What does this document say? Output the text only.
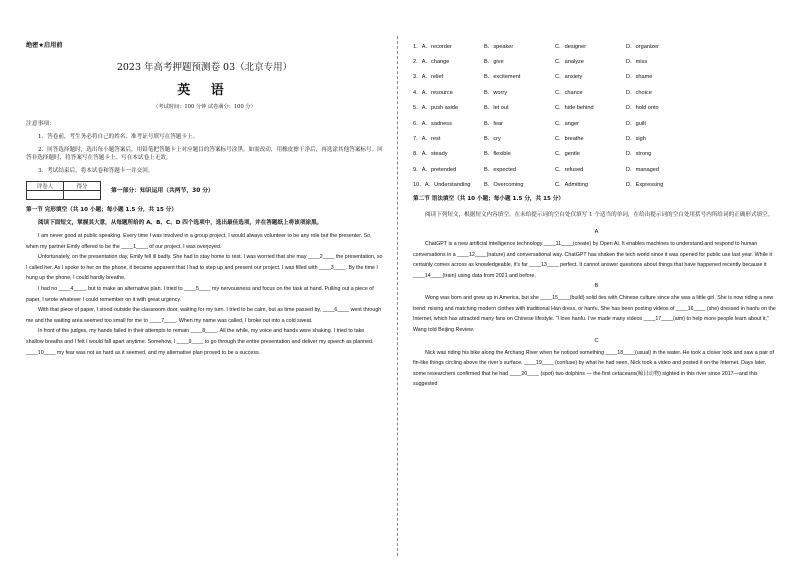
绝密★启用前
2023 年高考押题预测卷 03（北京专用）
英 语
（考试时间：100 分钟 试卷满分：100 分）
注意事项：
1．答卷前，考生务必将自己的姓名、准考证号填写在答题卡上。
2．回答选择题时，选出每小题答案后，用铅笔把答题卡上对应题目的答案标号涂黑。如需改动，用橡皮擦干净后，再选涂其他答案标号。回答非选择题时，将答案写在答题卡上。写在本试卷上无效。
3．考试结束后，将本试卷和答题卡一并交回。
评卷人	得分

第一部分：知识运用（共两节，30 分）
第一节 完形填空（共 10 小题；每小题 1.5 分，共 15 分）
阅读下面短文，掌握其大意，从每题所给的 A、B、C、D 四个选项中，选出最佳选项，并在答题纸上将该项涂黑。

I am never good at public speaking. Every time I was involved in a group project, I would always volunteer to be any role but the presenter. So, when my partner Emily offered to be the ____1____ of our project, I was overjoyed.

Unfortunately, on the presentation day, Emily fell ill badly. She had to stay home to rest. I was worried that she may ____2____ the presentation, so I called her. As I spoke to her on the phone, it became apparent that I had to step up and present our project. I was filled with ____3____. By the time I hung up the phone, I could hardly breathe.

I had no ____4____, but to make an alternative plan. I tried to ____5____ my nervousness and focus on the task at hand. Pulling out a piece of paper, I wrote whatever I could remember on it with great urgency.

With that piece of paper, I stood outside the classroom door, waiting for my turn. I tried to be calm, but as time passed by, ____6____ went through me and the waiting area seemed too small for me to ____7____. When my name was called, I broke out into a cold sweat.

In front of the judges, my hands failed in their attempts to remain ____8____. All the while, my voice and hands were shaking. I tried to take shallow breaths and I felt I would fall apart anytime. Somehow, I ____9____ to go through the entire presentation and deliver my speech as planned. ____10____ my fear was not as hard as it seemed, and my alternative plan proved to be a success.

1．A．recorder	B．speaker	C．designer	D．organizer
2．A．change	B．give	C．analyze	D．miss
3．A．relief	B．excitement	C．anxiety	D．shame
4．A．resource	B．worry	C．chance	D．choice
5．A．push aside	B．let out	C．hide behind	D．hold onto
6．A．sadness	B．fear	C．anger	D．guilt
7．A．rest	B．cry	C．breathe	D．sigh
8．A．steady	B．flexible	C．gentle	D．strong
9．A．pretended	B．expected	C．refused	D．managed
10．A．Understanding	B．Overcoming	C．Admitting	D．Expressing
第二节 语法填空（共 10 小题；每小题 1.5 分，共 15 分）
阅读下列短文，根据短文内容填空。在未给提示词的空白处仅填写 1 个适当的单词，在给出提示词的空白处用括号内所给词的正确形式填空。
A

ChatGPT is a new artificial intelligence technology ____11____(create) by Open AI. It enables machines to understand and respond to human conversations in a ____12____(nature) and conversational way. ChatGPT has shaken the tech world since it was opened for public use last year. While it certainly comes across as knowledgeable, it’s far ____13____ perfect. It cannot answer questions about things that have happened recently because it ____14____(train) using data from 2021 and before.

B

Wong was born and grew up in America, but she ____15____(build) solid ties with Chinese culture since she was a little girl. She is now riding a new trend: mixing and matching modern clothes with traditional Han dress, or hanfu. She has been posting videos of ____16____ (she) dressed in hanfu on the Internet, which has attracted many fans on Chinese lifestyle. “I love hanfu. I’ve made many videos ____17____(aim) to help more people learn about it,” Wang told Beijing Review.

C

Nick was riding his bike along the Archang River when he noticed something ____18____(usual) in the water. He took a closer look and saw a pair of fin-like things circling above the river’s surface. ____19____ (confuse) by what he had seen, Nick took a video and posted it on the Internet. Days later, some researchers confirmed that he had ____20____ (spot) two dolphins — the first cetaceans(鲸目动物) sighted in this river since 2017—and this suggested
